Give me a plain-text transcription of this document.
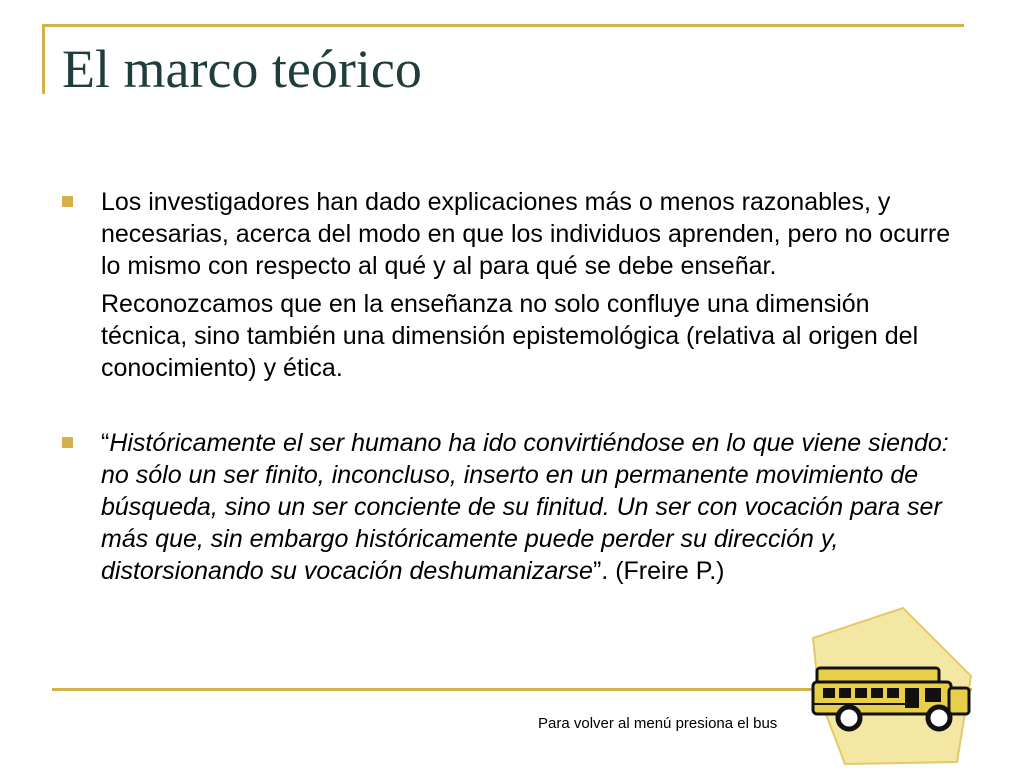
El marco teórico

Los investigadores han dado explicaciones más o menos razonables, y necesarias, acerca del modo en que los individuos aprenden, pero no ocurre lo mismo con respecto al qué y al para qué se debe enseñar.

Reconozcamos que en la enseñanza no solo confluye una dimensión técnica, sino también una dimensión epistemológica (relativa al origen del conocimiento) y ética.

“Históricamente el ser humano ha ido convirtiéndose en lo que viene siendo: no sólo un ser finito, inconcluso, inserto en un permanente movimiento de búsqueda, sino un ser conciente de su finitud. Un ser con vocación para ser más que, sin embargo históricamente puede perder su dirección y, distorsionando su vocación deshumanizarse”. (Freire P.)

Para volver al menú presiona el bus
